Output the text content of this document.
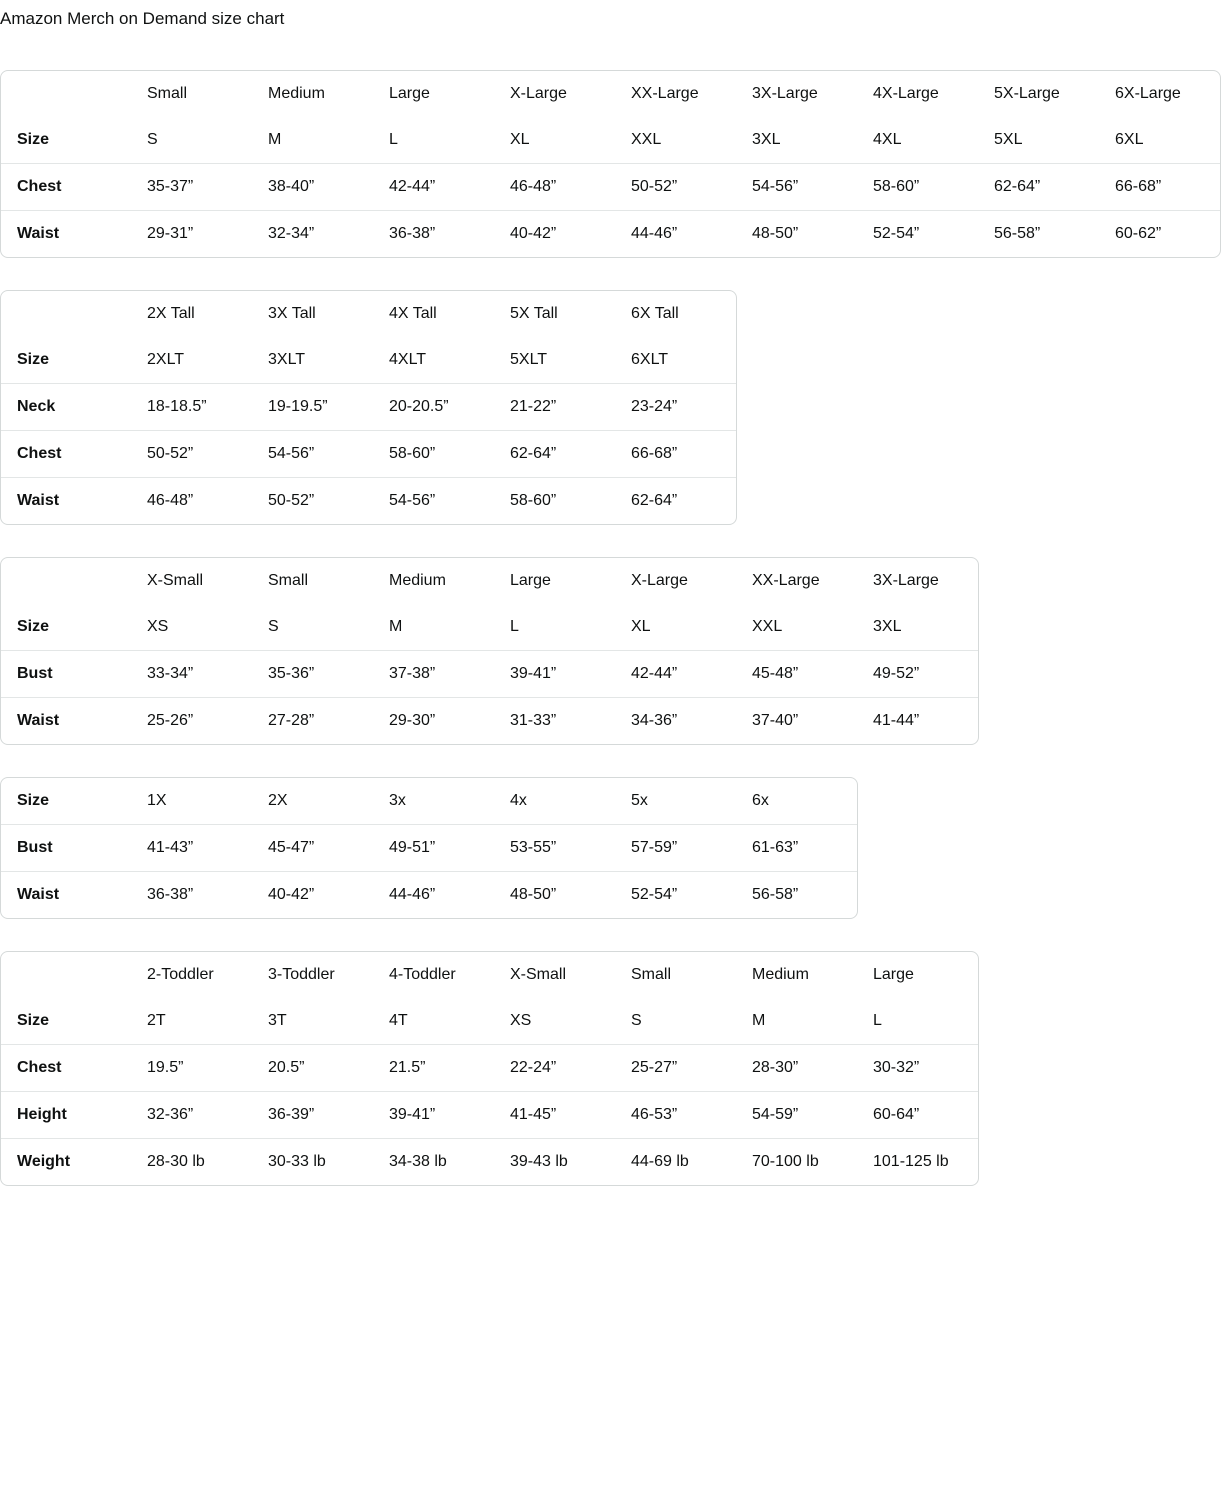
Amazon Merch on Demand size chart
	Small	Medium	Large	X-Large	XX-Large	3X-Large	4X-Large	5X-Large	6X-Large
Size	S	M	L	XL	XXL	3XL	4XL	5XL	6XL
Chest	35-37”	38-40”	42-44”	46-48”	50-52”	54-56”	58-60”	62-64”	66-68”
Waist	29-31”	32-34”	36-38”	40-42”	44-46”	48-50”	52-54”	56-58”	60-62”
	2X Tall	3X Tall	4X Tall	5X Tall	6X Tall
Size	2XLT	3XLT	4XLT	5XLT	6XLT
Neck	18-18.5”	19-19.5”	20-20.5”	21-22”	23-24”
Chest	50-52”	54-56”	58-60”	62-64”	66-68”
Waist	46-48”	50-52”	54-56”	58-60”	62-64”
	X-Small	Small	Medium	Large	X-Large	XX-Large	3X-Large
Size	XS	S	M	L	XL	XXL	3XL
Bust	33-34”	35-36”	37-38”	39-41”	42-44”	45-48”	49-52”
Waist	25-26”	27-28”	29-30”	31-33”	34-36”	37-40”	41-44”
Size	1X	2X	3x	4x	5x	6x
Bust	41-43”	45-47”	49-51”	53-55”	57-59”	61-63”
Waist	36-38”	40-42”	44-46”	48-50”	52-54”	56-58”
	2-Toddler	3-Toddler	4-Toddler	X-Small	Small	Medium	Large
Size	2T	3T	4T	XS	S	M	L
Chest	19.5”	20.5”	21.5”	22-24”	25-27”	28-30”	30-32”
Height	32-36”	36-39”	39-41”	41-45”	46-53”	54-59”	60-64”
Weight	28-30 lb	30-33 lb	34-38 lb	39-43 lb	44-69 lb	70-100 lb	101-125 lb
